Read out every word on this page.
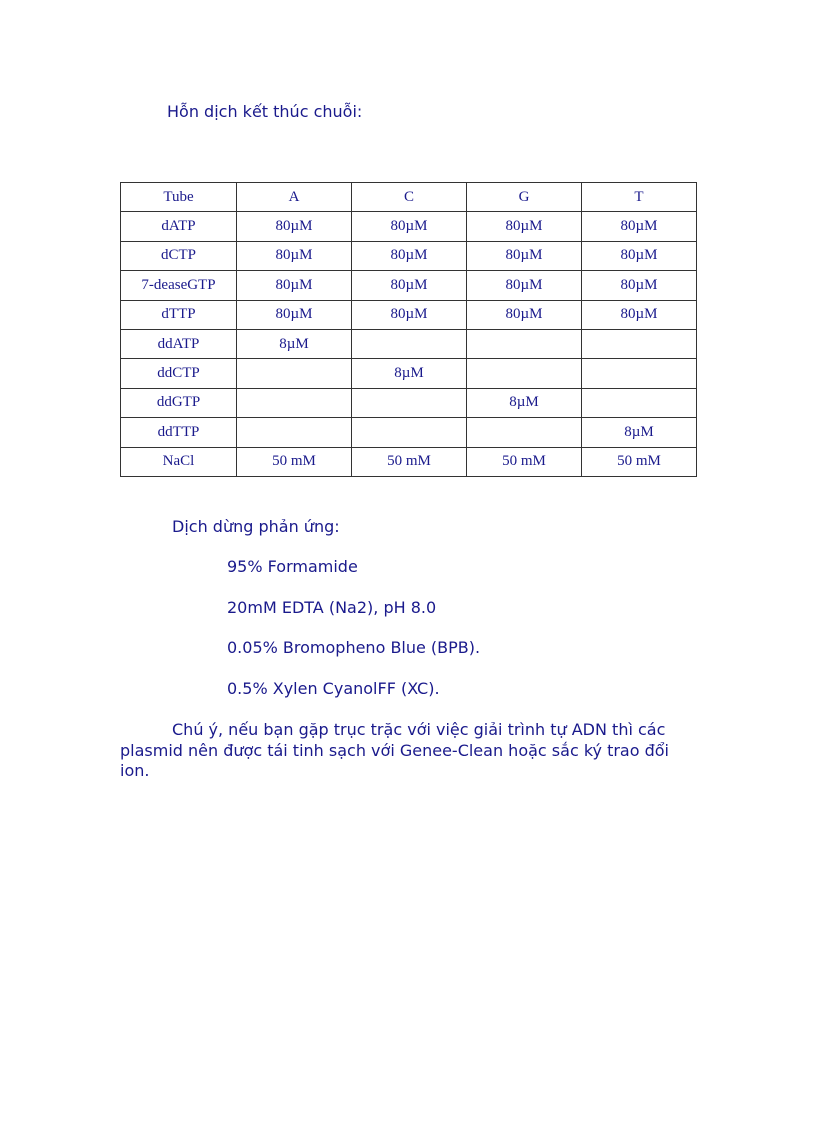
Hỗn dịch kết thúc chuỗi:
Tube	A	C	G	T
dATP	80µM	80µM	80µM	80µM
dCTP	80µM	80µM	80µM	80µM
7-deaseGTP	80µM	80µM	80µM	80µM
dTTP	80µM	80µM	80µM	80µM
ddATP	8µM			
ddCTP		8µM		
ddGTP			8µM	
ddTTP				8µM
NaCl	50 mM	50 mM	50 mM	50 mM
Dịch dừng phản ứng:
95% Formamide
20mM EDTA (Na2), pH 8.0
0.05% Bromopheno Blue (BPB).
0.5% Xylen CyanolFF (XC).

Chú ý, nếu bạn gặp trục trặc với việc giải trình tự ADN thì các plasmid nên được tái tinh sạch với Genee-Clean hoặc sắc ký trao đổi ion.
